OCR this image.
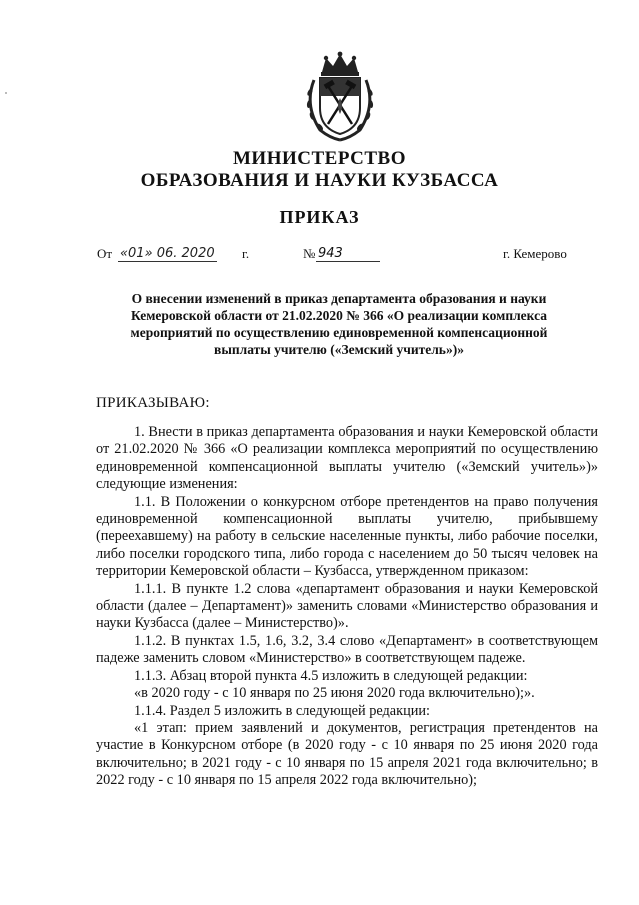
МИНИСТЕРСТВО
ОБРАЗОВАНИЯ И НАУКИ КУЗБАССА
ПРИКАЗ
От «01» 06. 2020 г.	№ 943	г. Кемерово
О внесении изменений в приказ департамента образования и науки
Кемеровской области от 21.02.2020 № 366 «О реализации комплекса
мероприятий по осуществлению единовременной компенсационной
выплаты учителю («Земский учитель»)»
ПРИКАЗЫВАЮ:

1. Внести в приказ департамента образования и науки Кемеровской области от 21.02.2020 № 366 «О реализации комплекса мероприятий по осуществлению единовременной компенсационной выплаты учителю («Земский учитель»)» следующие изменения:

1.1. В Положении о конкурсном отборе претендентов на право получения единовременной компенсационной выплаты учителю, прибывшему (переехавшему) на работу в сельские населенные пункты, либо рабочие поселки, либо поселки городского типа, либо города с населением до 50 тысяч человек на территории Кемеровской области – Кузбасса, утвержденном приказом:

1.1.1. В пункте 1.2 слова «департамент образования и науки Кемеровской области (далее – Департамент)» заменить словами «Министерство образования и науки Кузбасса (далее – Министерство)».

1.1.2. В пунктах 1.5, 1.6, 3.2, 3.4 слово «Департамент» в соответствующем падеже заменить словом «Министерство» в соответствующем падеже.

1.1.3. Абзац второй пункта 4.5 изложить в следующей редакции:

«в 2020 году - с 10 января по 25 июня 2020 года включительно);».

1.1.4. Раздел 5 изложить в следующей редакции:

«1 этап: прием заявлений и документов, регистрация претендентов на участие в Конкурсном отборе (в 2020 году - с 10 января по 25 июня 2020 года включительно; в 2021 году - с 10 января по 15 апреля 2021 года включительно; в 2022 году - с 10 января по 15 апреля 2022 года включительно);
